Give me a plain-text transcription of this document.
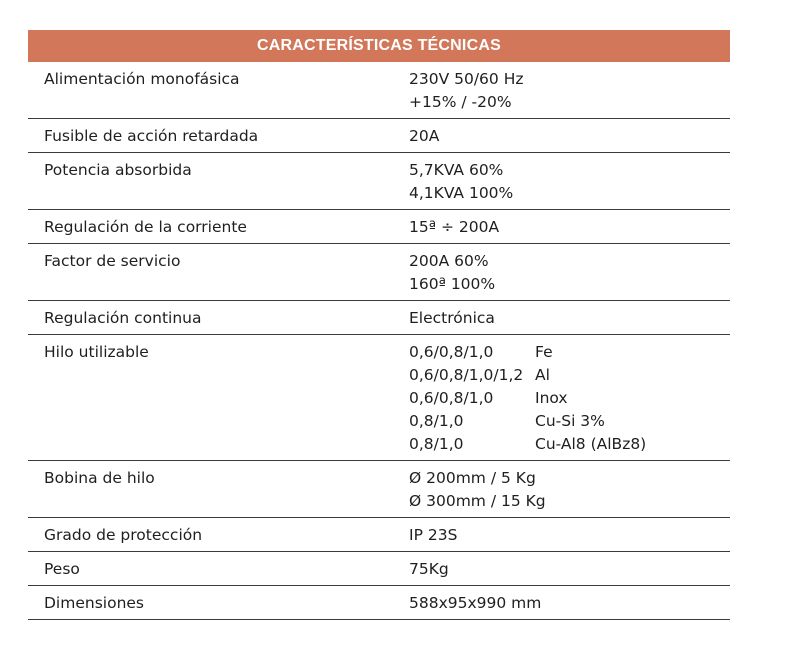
CARACTERÍSTICAS TÉCNICAS
Alimentación monofásica	230V 50/60 Hz
+15% / -20%
Fusible de acción retardada	20A
Potencia absorbida	5,7KVA 60%
4,1KVA 100%
Regulación de la corriente	15ª ÷ 200A
Factor de servicio	200A 60%
160ª 100%
Regulación continua	Electrónica
Hilo utilizable	0,6/0,8/1,0	Fe
0,6/0,8/1,0/1,2 Al
0,6/0,8/1,0	Inox
0,8/1,0	Cu-Si 3%
0,8/1,0	Cu-Al8 (AlBz8)
Bobina de hilo	Ø 200mm / 5 Kg
Ø 300mm / 15 Kg
Grado de protección	IP 23S
Peso	75Kg
Dimensiones	588x95x990 mm
